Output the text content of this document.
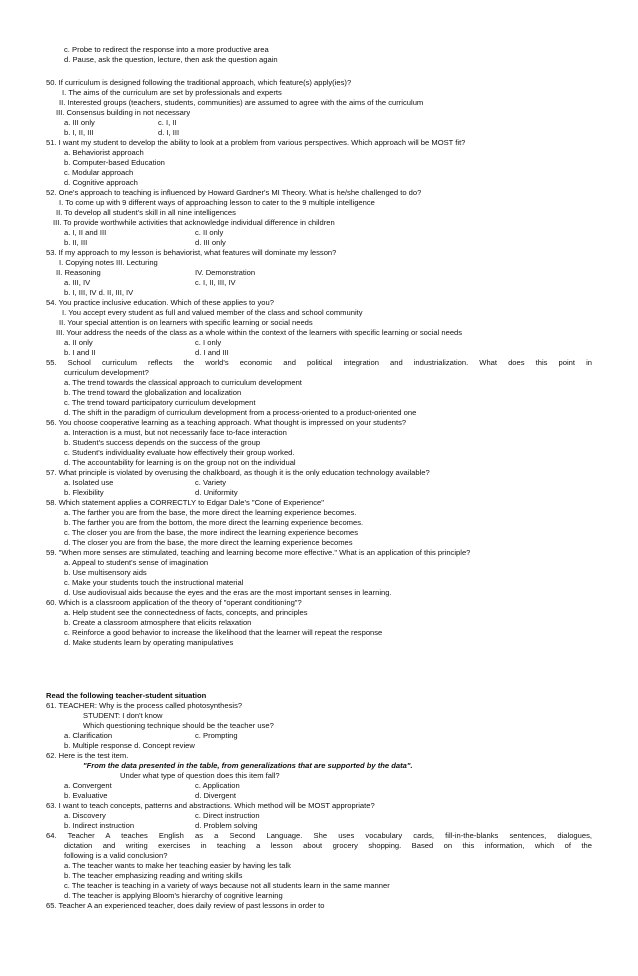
c. Probe to redirect the response into a more productive area
d. Pause, ask the question, lecture, then ask the question again
50. If curriculum is designed following the traditional approach, which feature(s) apply(ies)?
I. The aims of the curriculum are set by professionals and experts
II. Interested groups (teachers, students, communities) are assumed to agree with the aims of the curriculum
III. Consensus building in not necessary
a. III only
b. I, II, III
51. I want my student to develop the ability to look at a problem from various perspectives. Which approach will be MOST fit?
a. Behaviorist approach
b. Computer-based Education
c. Modular approach
d. Cognitive approach
52. One's approach to teaching is influenced by Howard Gardner's MI Theory. What is he/she challenged to do?
I. To come up with 9 different ways of approaching lesson to cater to the 9 multiple intelligence
II. To develop all student's skill in all nine intelligences
III. To provide worthwhile activities that acknowledge individual difference in children
a. I, II and III
b. II, III
53. If my approach to my lesson is behaviorist, what features will dominate my lesson?
I. Copying notes III. Lecturing
II. Reasoning
a. III, IV
b. I, III, IV d. II, III, IV
54. You practice inclusive education. Which of these applies to you?
I. You accept every student as full and valued member of the class and school community
II. Your special attention is on learners with specific learning or social needs
III. Your address the needs of the class as a whole within the context of the learners with specific learning or social needs
a. II only
b. I and II
55. School curriculum reflects the world's economic and political integration and industrialization. What does this point in
curriculum development?
a. The trend towards the classical approach to curriculum development
b. The trend toward the globalization and localization
c. The trend toward participatory curriculum development
d. The shift in the paradigm of curriculum development from a process-oriented to a product-oriented one
56. You choose cooperative learning as a teaching approach. What thought is impressed on your students?
a. Interaction is a must, but not necessarily face to-face interaction
b. Student's success depends on the success of the group
c. Student's individuality evaluate how effectively their group worked.
d. The accountability for learning is on the group not on the individual
57. What principle is violated by overusing the chalkboard, as though it is the only education technology available?
a. Isolated use
b. Flexibility
58. Which statement applies a CORRECTLY to Edgar Dale's "Cone of Experience"
a. The farther you are from the base, the more direct the learning experience becomes.
b. The farther you are from the bottom, the more direct the learning experience becomes.
c. The closer you are from the base, the more indirect the learning experience becomes
d. The closer you are from the base, the more direct the learning experience becomes
59. "When more senses are stimulated, teaching and learning become more effective." What is an application of this principle?
a. Appeal to student's sense of imagination
b. Use multisensory aids
c. Make your students touch the instructional material
d. Use audiovisual aids because the eyes and the eras are the most important senses in learning.
60. Which is a classroom application of the theory of "operant conditioning"?
a. Help student see the connectedness of facts, concepts, and principles
b. Create a classroom atmosphere that elicits relaxation
c. Reinforce a good behavior to increase the likelihood that the learner will repeat the response
d. Make students learn by operating manipulatives
Read the following teacher-student situation
61. TEACHER: Why is the process called photosynthesis?
STUDENT: I don't know
Which questioning technique should be the teacher use?
a. Clarification
b. Multiple response d. Concept review
62. Here is the test item.
"From the data presented in the table, from generalizations that are supported by the data".
Under what type of question does this item fall?
a. Convergent
b. Evaluative
63. I want to teach concepts, patterns and abstractions. Which method will be MOST appropriate?
a. Discovery
b. Indirect instruction
64. Teacher A teaches English as a Second Language. She uses vocabulary cards, fill-in-the-blanks sentences, dialogues,
dictation and writing exercises in teaching a lesson about grocery shopping. Based on this information, which of the
following is a valid conclusion?
a. The teacher wants to make her teaching easier by having les talk
b. The teacher emphasizing reading and writing skills
c. The teacher is teaching in a variety of ways because not all students learn in the same manner
d. The teacher is applying Bloom's hierarchy of cognitive learning
65. Teacher A an experienced teacher, does daily review of past lessons in order to
c. I, II
d. I, III
c. II only
d. III only
IV. Demonstration
c. I, II, III, IV
c. I only
d. I and III
c. Variety
d. Uniformity
c. Prompting
c. Application
d. Divergent
c. Direct instruction
d. Problem solving
